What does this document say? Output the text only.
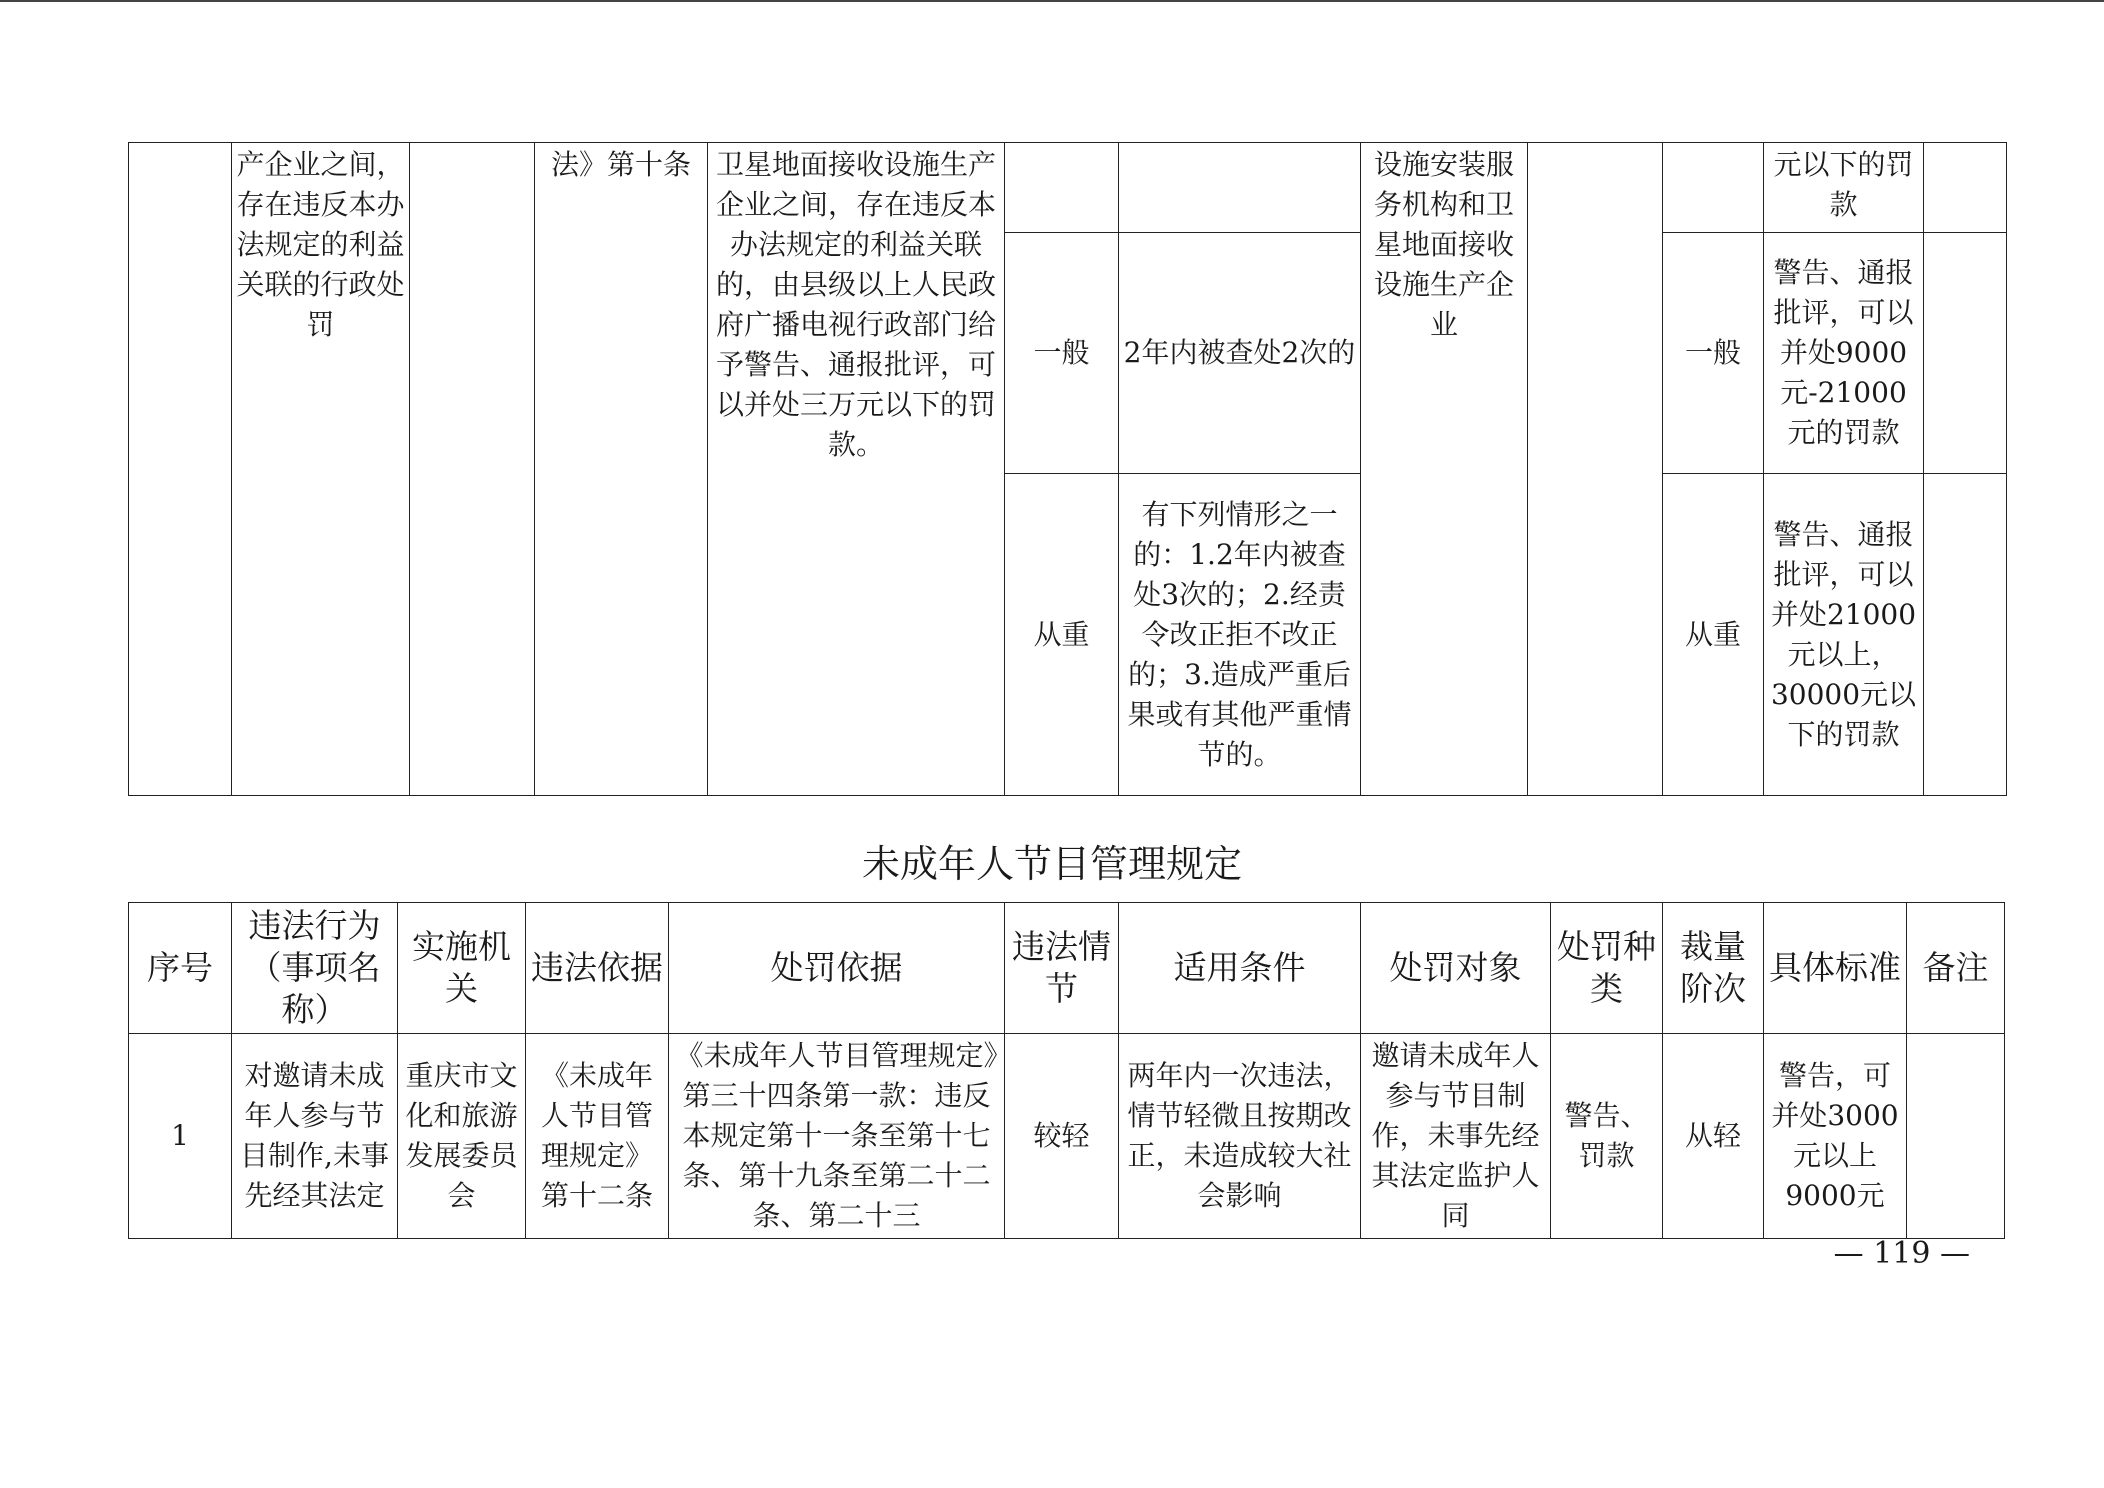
	产企业之间，存在违反本办法规定的利益关联的行政处罚		法》第十条	卫星地面接收设施生产企业之间，存在违反本办法规定的利益关联的，由县级以上人民政府广播电视行政部门给予警告、通报批评，可以并处三万元以下的罚款。			设施安装服务机构和卫星地面接收设施生产企业			元以下的罚款	

					一般	2年内被查处2次的			一般	警告、通报批评，可以并处9000元-21000元的罚款	

					从重	有下列情形之一的：1.2年内被查处3次的；2.经责令改正拒不改正的；3.造成严重后果或有其他严重情节的。			从重	警告、通报批评，可以并处21000元以上，30000元以下的罚款	

未成年人节目管理规定
序号	违法行为（事项名称）	实施机关	违法依据	处罚依据	违法情节	适用条件	处罚对象	处罚种类	裁量阶次	具体标准	备注
1	对邀请未成年人参与节目制作,未事先经其法定	重庆市文化和旅游发展委员会	《未成年人节目管理规定》第十二条	《未成年人节目管理规定》第三十四条第一款：违反本规定第十一条至第十七条、第十九条至第二十二条、第二十三	较轻	两年内一次违法，情节轻微且按期改正，未造成较大社会影响	邀请未成年人参与节目制作，未事先经其法定监护人同	警告、罚款	从轻	警告，可并处3000元以上9000元	
— 119 —
